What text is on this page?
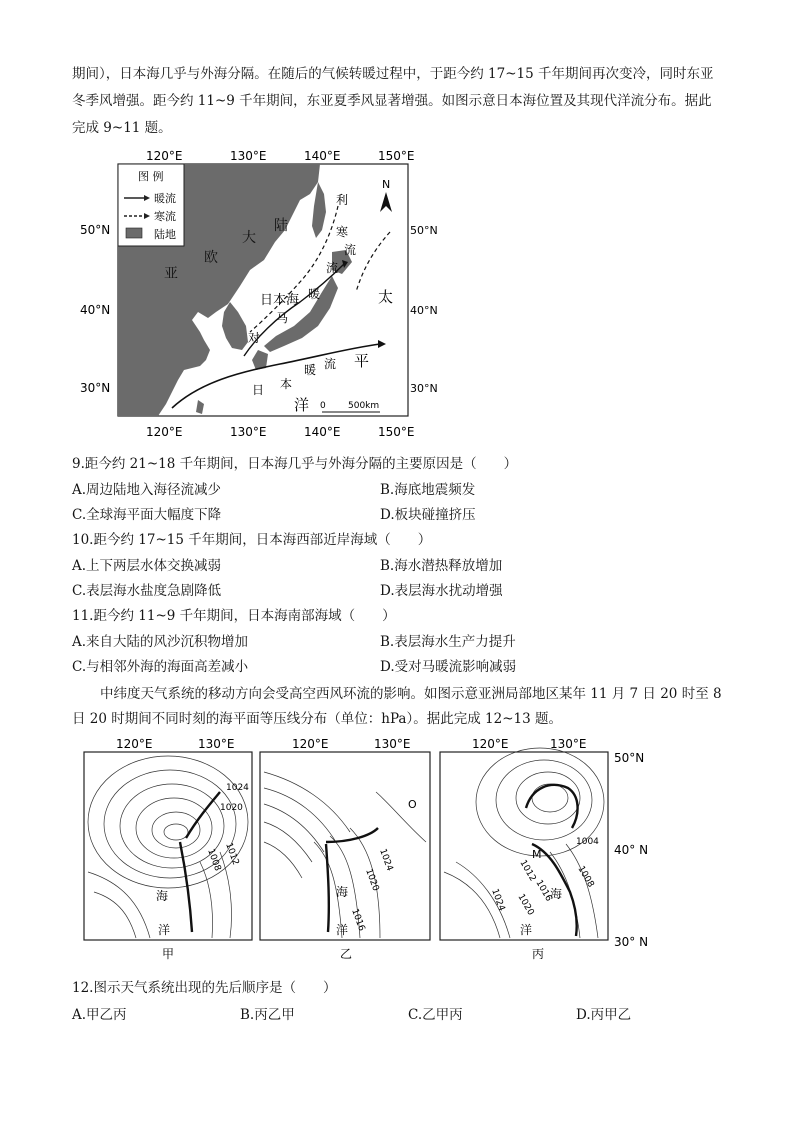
期间），日本海几乎与外海分隔。在随后的气候转暖过程中，于距今约 17~15 千年期间再次变冷，同时东亚
冬季风增强。距今约 11~9 千年期间，东亚夏季风显著增强。如图示意日本海位置及其现代洋流分布。据此
完成 9~11 题。
120°E	130°E	140°E	150°E
图 例
暖流
寒流
陆地	大
陆
欧
亚
日本海
马
对
暖
流
利
寒
流
日 本
暖 流
太
平
洋
N
0 500km
50°N
40°N
30°N
50°N
40°N
30°N
120°E	130°E	140°E	150°E
9.距今约 21~18 千年期间，日本海几乎与外海分隔的主要原因是（　　）
A.周边陆地入海径流减少	B.海底地震频发
C.全球海平面大幅度下降	D.板块碰撞挤压
10.距今约 17~15 千年期间，日本海西部近岸海域（　　）
A.上下两层水体交换减弱	B.海水潜热释放增加
C.表层海水盐度急剧降低	D.表层海水扰动增强
11.距今约 11~9 千年期间，日本海南部海域（　　）
A.来自大陆的风沙沉积物增加	B.表层海水生产力提升
C.与相邻外海的海面高差减小	D.受对马暖流影响减弱
中纬度天气系统的移动方向会受高空西风环流的影响。如图示意亚洲局部地区某年 11 月 7 日 20 时至 8
日 20 时期间不同时刻的海平面等压线分布（单位：hPa）。据此完成 12~13 题。
120°E	130°E
1024
1020
1008 1012
海
洋
甲
120°E	130°E
1024
1020
1016
O
海
洋
乙
120°E	130°E
M
1004
1008
1012
1016
1020
1024	海
洋
丙
50°N
40° N
30° N
12.图示天气系统出现的先后顺序是（　　）
A.甲乙丙	B.丙乙甲	C.乙甲丙	D.丙甲乙
